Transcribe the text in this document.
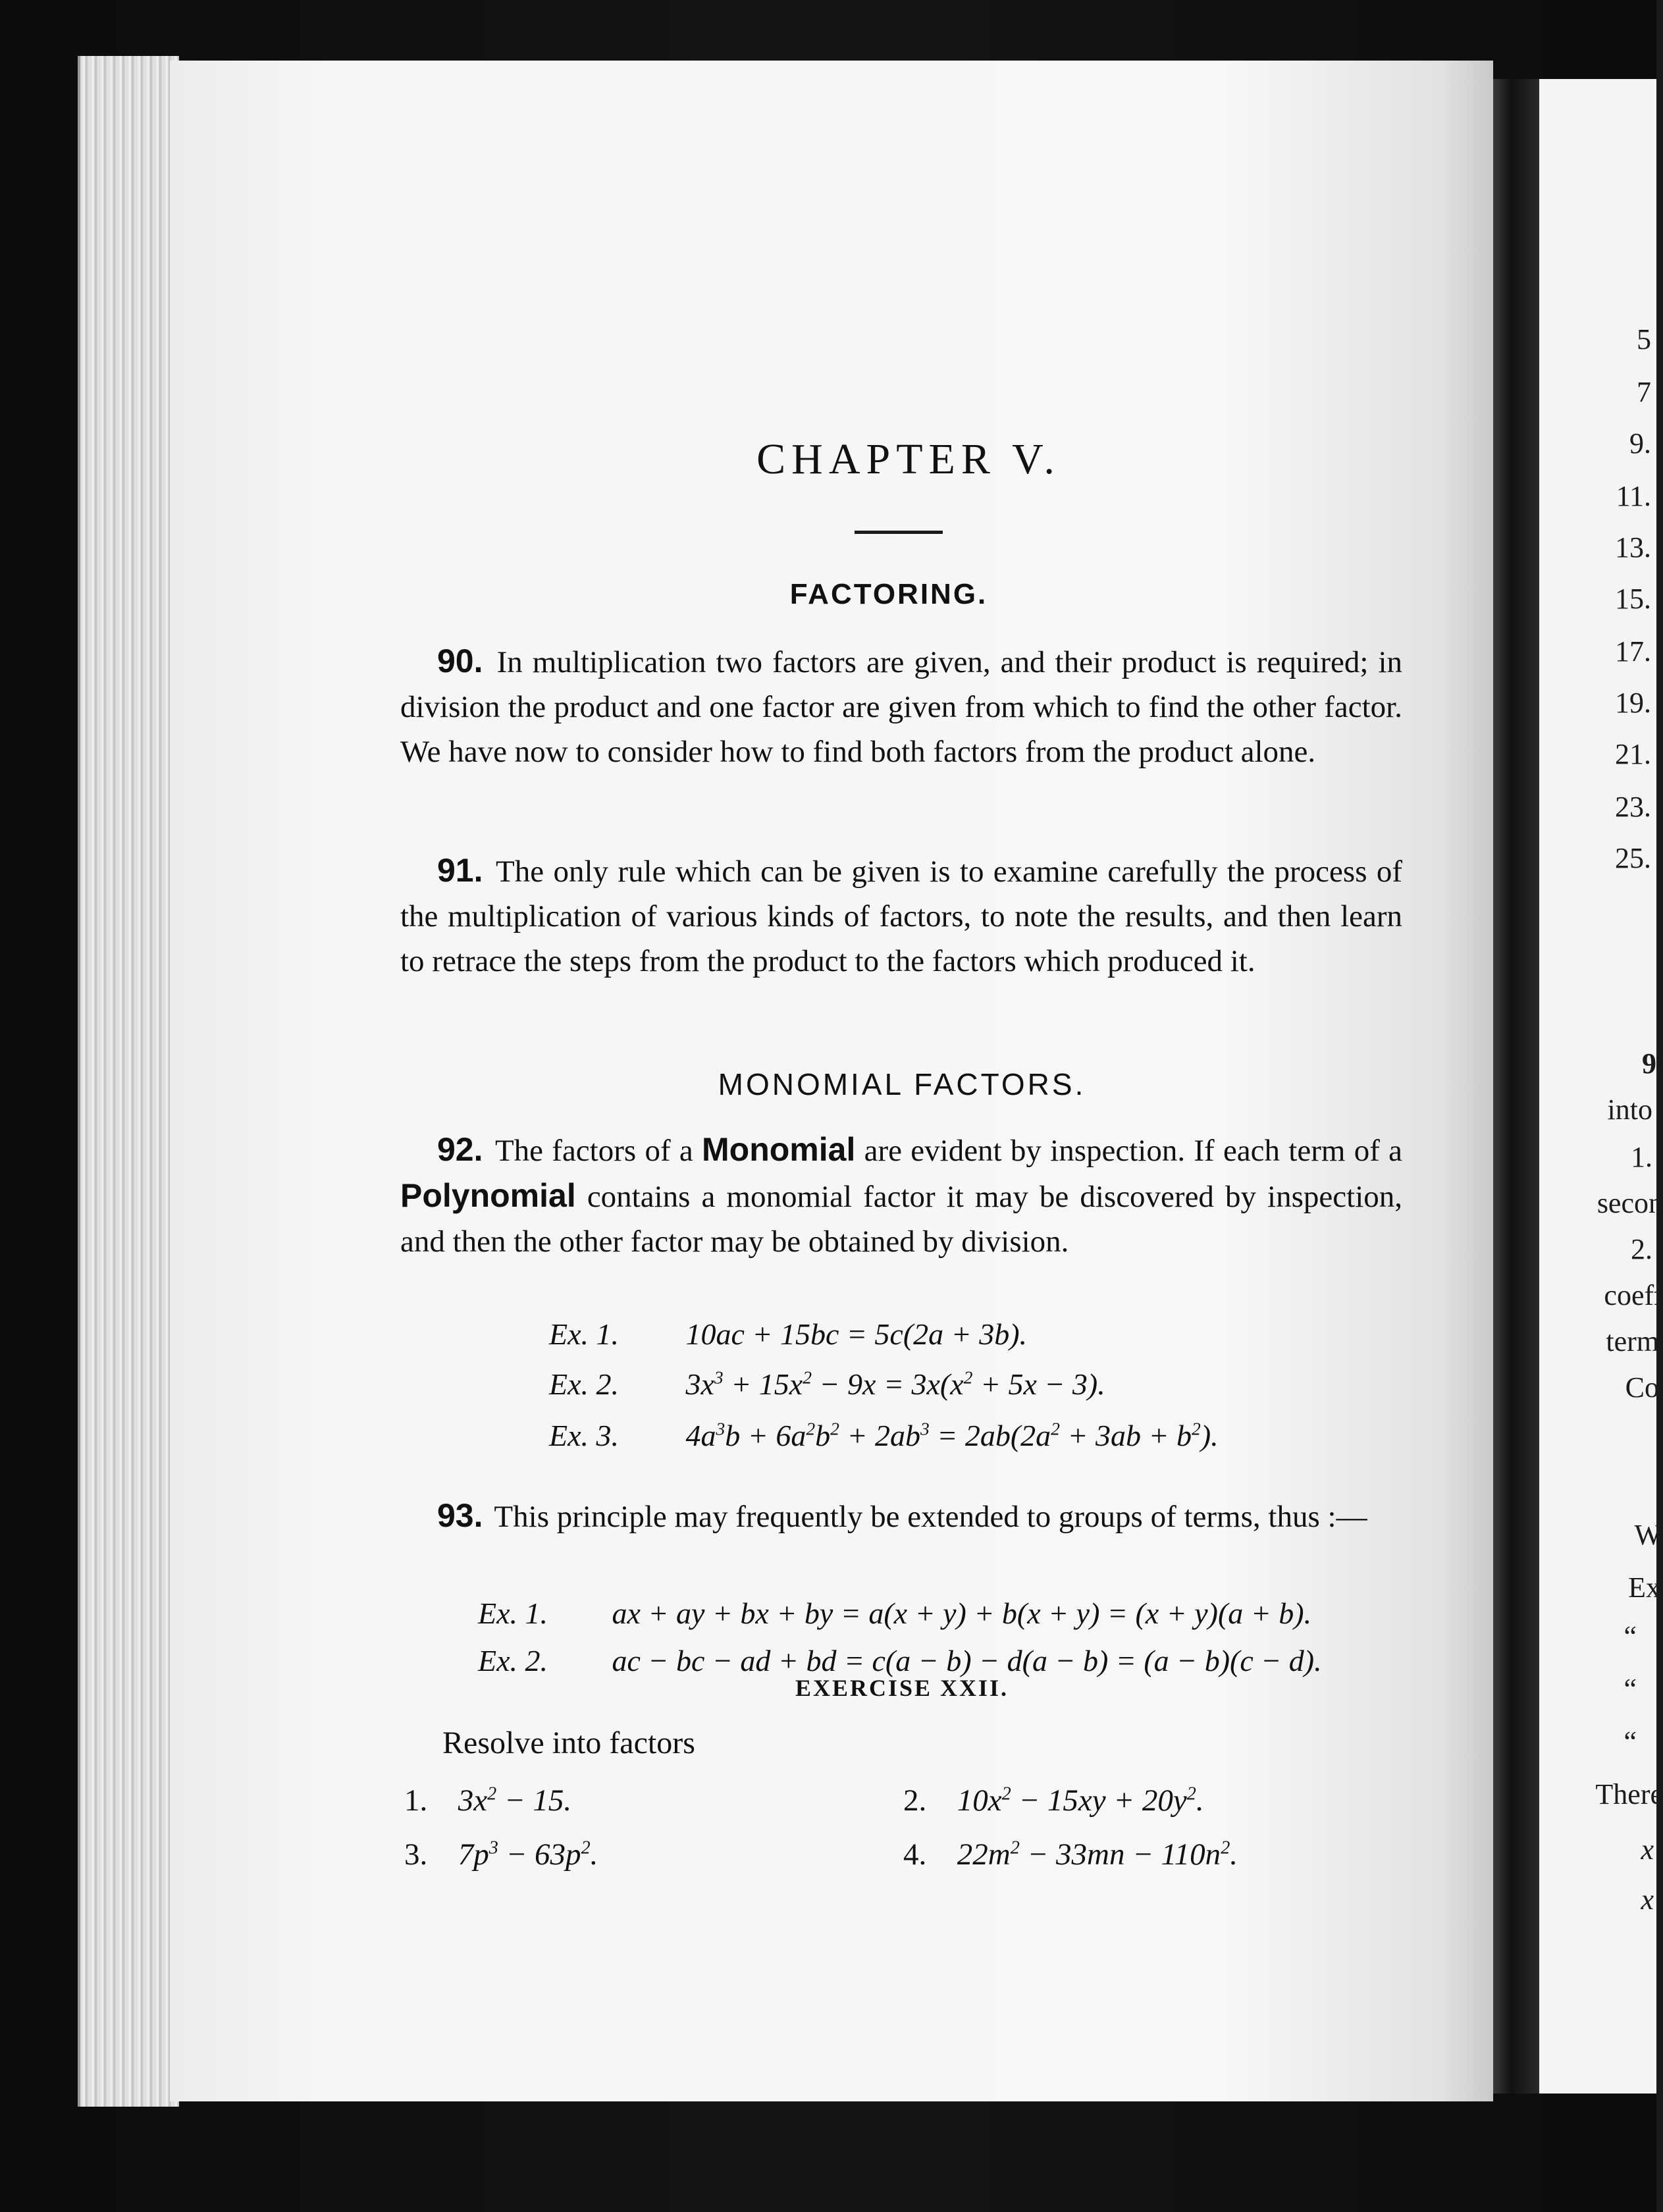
5
7
9.
11.
13.
15.
17.
19.
21.
23.
25.
9
into
1.
secon
2.
coeff
term
Co
W
Ex
“
“
“
There
x
x
CHAPTER V.
FACTORING.
90. In multiplication two factors are given, and their product is required; in division the product and one factor are given from which to find the other factor. We have now to consider how to find both factors from the product alone.
91. The only rule which can be given is to examine carefully the process of the multiplication of various kinds of factors, to note the results, and then learn to retrace the steps from the product to the factors which produced it.
MONOMIAL FACTORS.
92. The factors of a Monomial are evident by inspection. If each term of a Polynomial contains a monomial factor it may be discovered by inspection, and then the other factor may be obtained by division.
Ex. 1. 10ac + 15bc = 5c(2a + 3b).
Ex. 2. $3x^3 + 15x^2 - 9x = 3x(x^2 + 5x - 3)$.
Ex. 3. $4a^3b + 6a^2b^2 + 2ab^3 = 2ab(2a^2 + 3ab + b^2)$.
93. This principle may frequently be extended to groups of terms, thus :—
Ex. 1. ax + ay + bx + by = a(x + y) + b(x + y) = (x + y)(a + b).
Ex. 2. ac − bc − ad + bd = c(a − b) − d(a − b) = (a − b)(c − d).
EXERCISE XXII.
Resolve into factors
1. $3x^2 - 15$.	2. $10x^2 - 15xy + 20y^2$.
3. $7p^3 - 63p^2$.	4. $22m^2 - 33mn - 110n^2$.
